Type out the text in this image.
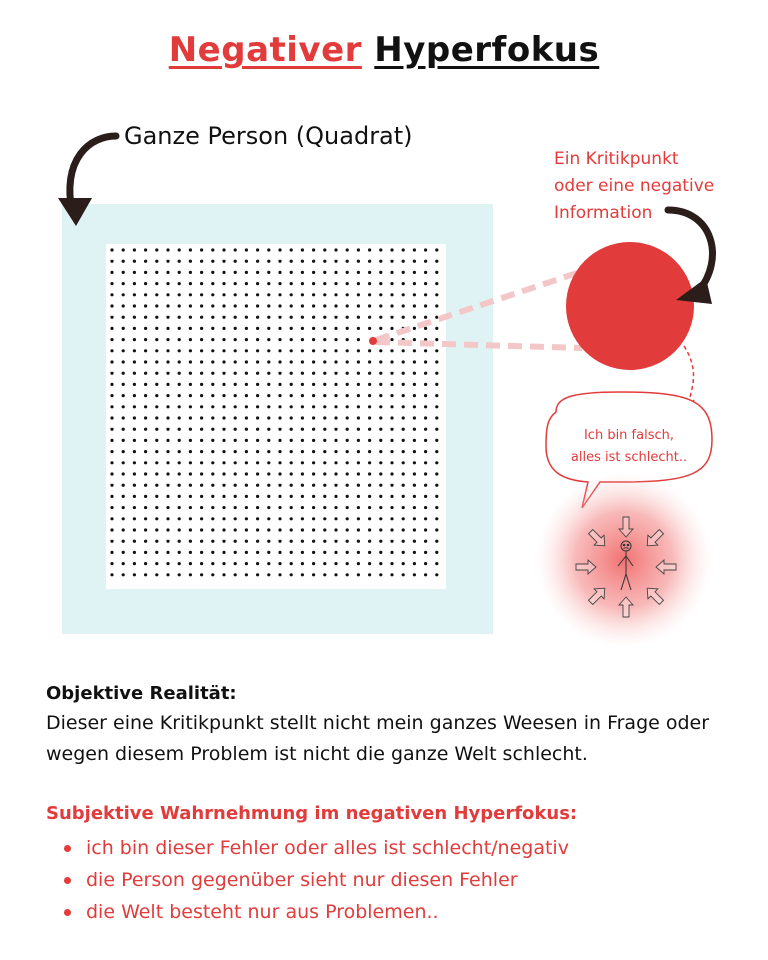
Negativer Hyperfokus
Ganze Person (Quadrat)
Ein Kritikpunkt
oder eine negative
Information
Ich bin falsch,
alles ist schlecht..
Objektive Realität:
Dieser eine Kritikpunkt stellt nicht mein ganzes Weesen in Frage oder wegen diesem Problem ist nicht die ganze Welt schlecht.
Subjektive Wahrnehmung im negativen Hyperfokus:
ich bin dieser Fehler oder alles ist schlecht/negativ
die Person gegenüber sieht nur diesen Fehler
die Welt besteht nur aus Problemen..
